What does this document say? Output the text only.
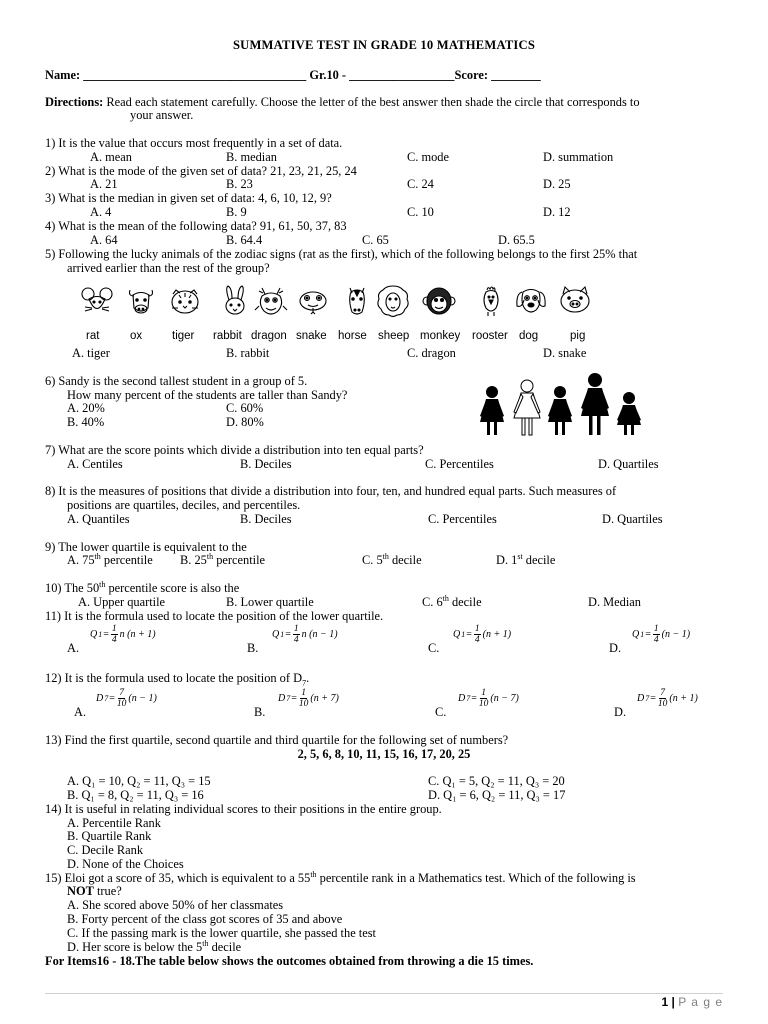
SUMMATIVE TEST IN GRADE 10 MATHEMATICS
Name: ____________________________________ Gr.10 - _________________Score: ________
Directions: Read each statement carefully. Choose the letter of the best answer then shade the circle that corresponds to
your answer.
1) It is the value that occurs most frequently in a set of data.
A. mean	B. median	C. mode	D. summation
2) What is the mode of the given set of data? 21, 23, 21, 25, 24
A. 21	B. 23	C. 24	D. 25
3) What is the median in given set of data: 4, 6, 10, 12, 9?
A. 4	B. 9	C. 10	D. 12
4) What is the mean of the following data? 91, 61, 50, 37, 83
A. 64	B. 64.4	C. 65	D. 65.5
5) Following the lucky animals of the zodiac signs (rat as the first), which of the following belongs to the first 25% that
arrived earlier than the rest of the group?
rat	ox	tiger rabbit dragon snake horse sheep monkey rooster dog	pig
A. tiger	B. rabbit	C. dragon	D. snake
6) Sandy is the second tallest student in a group of 5.
How many percent of the students are taller than Sandy?
A. 20%	C. 60%
B. 40%	D. 80%
7) What are the score points which divide a distribution into ten equal parts?
A. Centiles	B. Deciles	C. Percentiles	D. Quartiles
8) It is the measures of positions that divide a distribution into four, ten, and hundred equal parts. Such measures of
positions are quartiles, deciles, and percentiles.
A. Quantiles	B. Deciles	C. Percentiles	D. Quartiles
9) The lower quartile is equivalent to the
A. 75th percentile B. 25th percentile	C. 5th decile	D. 1st decile
10) The 50th percentile score is also the
A. Upper quartile	B. Lower quartile	C. 6th decile	D. Median
11) It is the formula used to locate the position of the lower quartile.
A.
Q $1 = \frac{1}{4}$ n (n + 1)
B.
Q $1 = \frac{1}{4}$ n (n − 1)
C.
Q $1 = \frac{1}{4} (n + 1)$
D.
Q $1 = \frac{1}{4} (n - 1)$
12) It is the formula used to locate the position of $D_7$.
A.
D $7 = \frac{7}{10} (n - 1)$
B.
D $7 = \frac{1}{10} (n + 7)$
C.
D $7 = \frac{1}{10} (n - 7)$
D.
D $7 = \frac{7}{10} (n + 1)$
13) Find the first quartile, second quartile and third quartile for the following set of numbers?
2, 5, 6, 8, 10, 11, 15, 16, 17, 20, 25
A. Q₁ = 10, Q₂ = 11, Q₃ = 15	C. Q₁ = 5, Q₂ = 11, Q₃ = 20
B. Q₁ = 8, Q₂ = 11, Q₃ = 16	D. Q₁ = 6, Q₂ = 11, Q₃ = 17
14) It is useful in relating individual scores to their positions in the entire group.
A. Percentile Rank
B. Quartile Rank
C. Decile Rank
D. None of the Choices
15) Eloi got a score of 35, which is equivalent to a 55th percentile rank in a Mathematics test. Which of the following is
NOT true?
A. She scored above 50% of her classmates
B. Forty percent of the class got scores of 35 and above
C. If the passing mark is the lower quartile, she passed the test
D. Her score is below the 5th decile
For Items16 - 18.The table below shows the outcomes obtained from throwing a die 15 times.
1 | P a g e
